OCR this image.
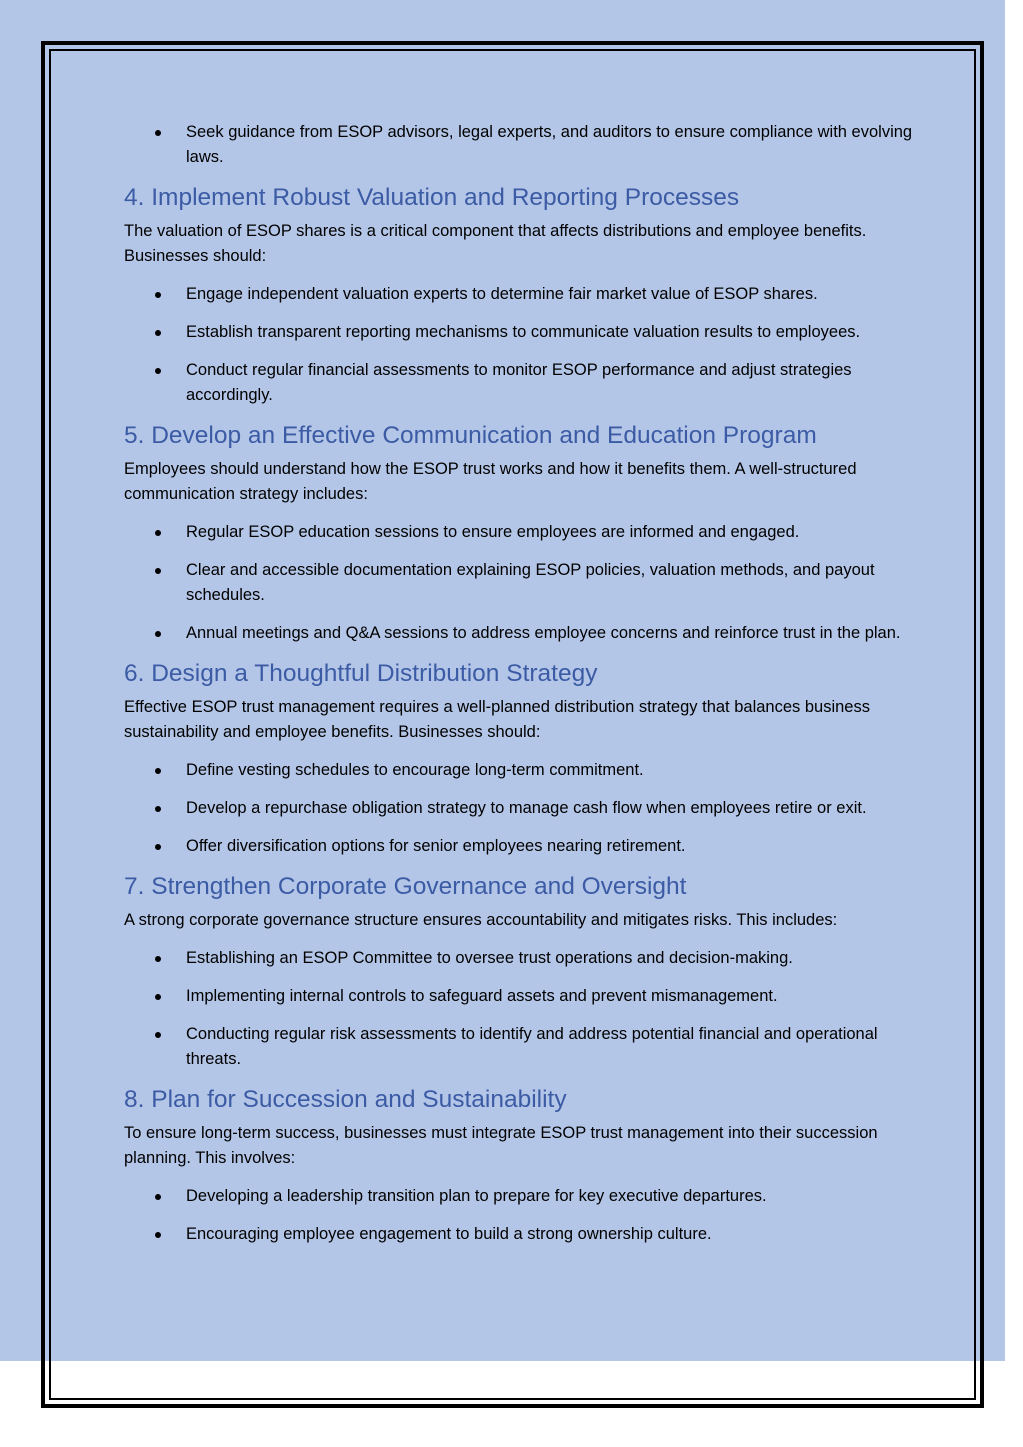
Seek guidance from ESOP advisors, legal experts, and auditors to ensure compliance with evolving laws.
4. Implement Robust Valuation and Reporting Processes

The valuation of ESOP shares is a critical component that affects distributions and employee benefits. Businesses should:

Engage independent valuation experts to determine fair market value of ESOP shares.
Establish transparent reporting mechanisms to communicate valuation results to employees.
Conduct regular financial assessments to monitor ESOP performance and adjust strategies accordingly.
5. Develop an Effective Communication and Education Program

Employees should understand how the ESOP trust works and how it benefits them. A well-structured communication strategy includes:

Regular ESOP education sessions to ensure employees are informed and engaged.
Clear and accessible documentation explaining ESOP policies, valuation methods, and payout schedules.
Annual meetings and Q&A sessions to address employee concerns and reinforce trust in the plan.
6. Design a Thoughtful Distribution Strategy

Effective ESOP trust management requires a well-planned distribution strategy that balances business sustainability and employee benefits. Businesses should:

Define vesting schedules to encourage long-term commitment.
Develop a repurchase obligation strategy to manage cash flow when employees retire or exit.
Offer diversification options for senior employees nearing retirement.
7. Strengthen Corporate Governance and Oversight

A strong corporate governance structure ensures accountability and mitigates risks. This includes:

Establishing an ESOP Committee to oversee trust operations and decision-making.
Implementing internal controls to safeguard assets and prevent mismanagement.
Conducting regular risk assessments to identify and address potential financial and operational threats.
8. Plan for Succession and Sustainability

To ensure long-term success, businesses must integrate ESOP trust management into their succession planning. This involves:

Developing a leadership transition plan to prepare for key executive departures.
Encouraging employee engagement to build a strong ownership culture.
